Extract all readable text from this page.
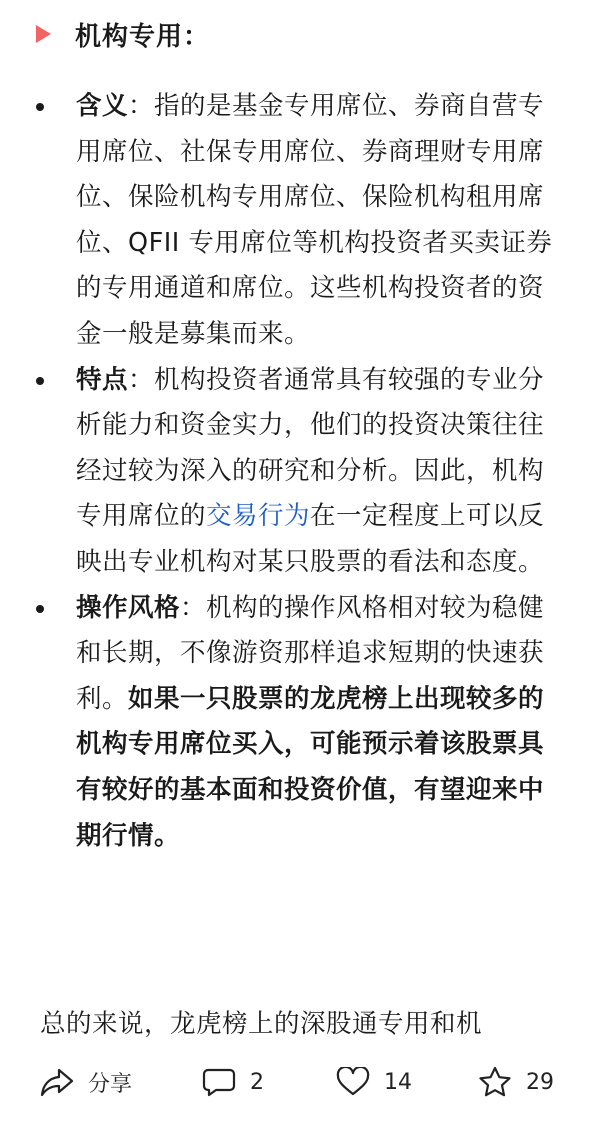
机构专用：
含义：指的是基金专用席位、券商自营专用席位、社保专用席位、券商理财专用席位、保险机构专用席位、保险机构租用席位、QFII 专用席位等机构投资者买卖证券的专用通道和席位。这些机构投资者的资金一般是募集而来。
特点：机构投资者通常具有较强的专业分析能力和资金实力，他们的投资决策往往经过较为深入的研究和分析。因此，机构专用席位的交易行为在一定程度上可以反映出专业机构对某只股票的看法和态度。
操作风格：机构的操作风格相对较为稳健和长期，不像游资那样追求短期的快速获利。如果一只股票的龙虎榜上出现较多的机构专用席位买入，可能预示着该股票具有较好的基本面和投资价值，有望迎来中期行情。
总的来说，龙虎榜上的深股通专用和机
分享	2	14	29
